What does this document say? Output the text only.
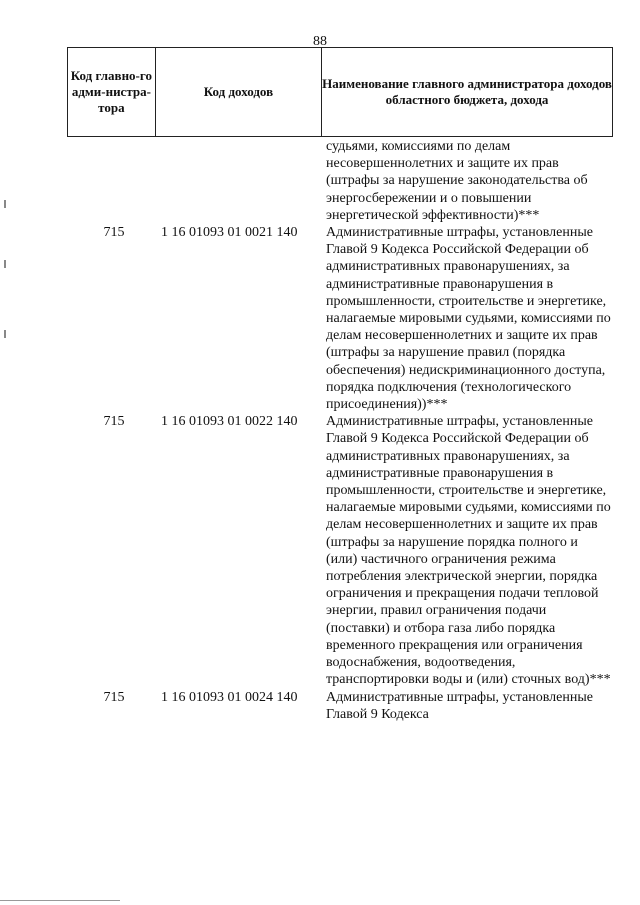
88
Код главно-го адми-нистра-тора	Код доходов	Наименование главного администратора доходов областного бюджета, дохода
судьями, комиссиями по делам несовершеннолетних и защите их прав (штрафы за нарушение законодательства об энергосбережении и о повышении энергетической эффективности)***
715	1 16 01093 01 0021 140	Административные штрафы, установленные Главой 9 Кодекса Российской Федерации об административных правонарушениях, за административные правонарушения в промышленности, строительстве и энергетике, налагаемые мировыми судьями, комиссиями по делам несовершеннолетних и защите их прав (штрафы за нарушение правил (порядка обеспечения) недискриминационного доступа, порядка подключения (технологического присоединения))***
715	1 16 01093 01 0022 140	Административные штрафы, установленные Главой 9 Кодекса Российской Федерации об административных правонарушениях, за административные правонарушения в промышленности, строительстве и энергетике, налагаемые мировыми судьями, комиссиями по делам несовершеннолетних и защите их прав (штрафы за нарушение порядка полного и (или) частичного ограничения режима потребления электрической энергии, порядка ограничения и прекращения подачи тепловой энергии, правил ограничения подачи (поставки) и отбора газа либо порядка временного прекращения или ограничения водоснабжения, водоотведения, транспортировки воды и (или) сточных вод)***
715	1 16 01093 01 0024 140	Административные штрафы, установленные Главой 9 Кодекса
